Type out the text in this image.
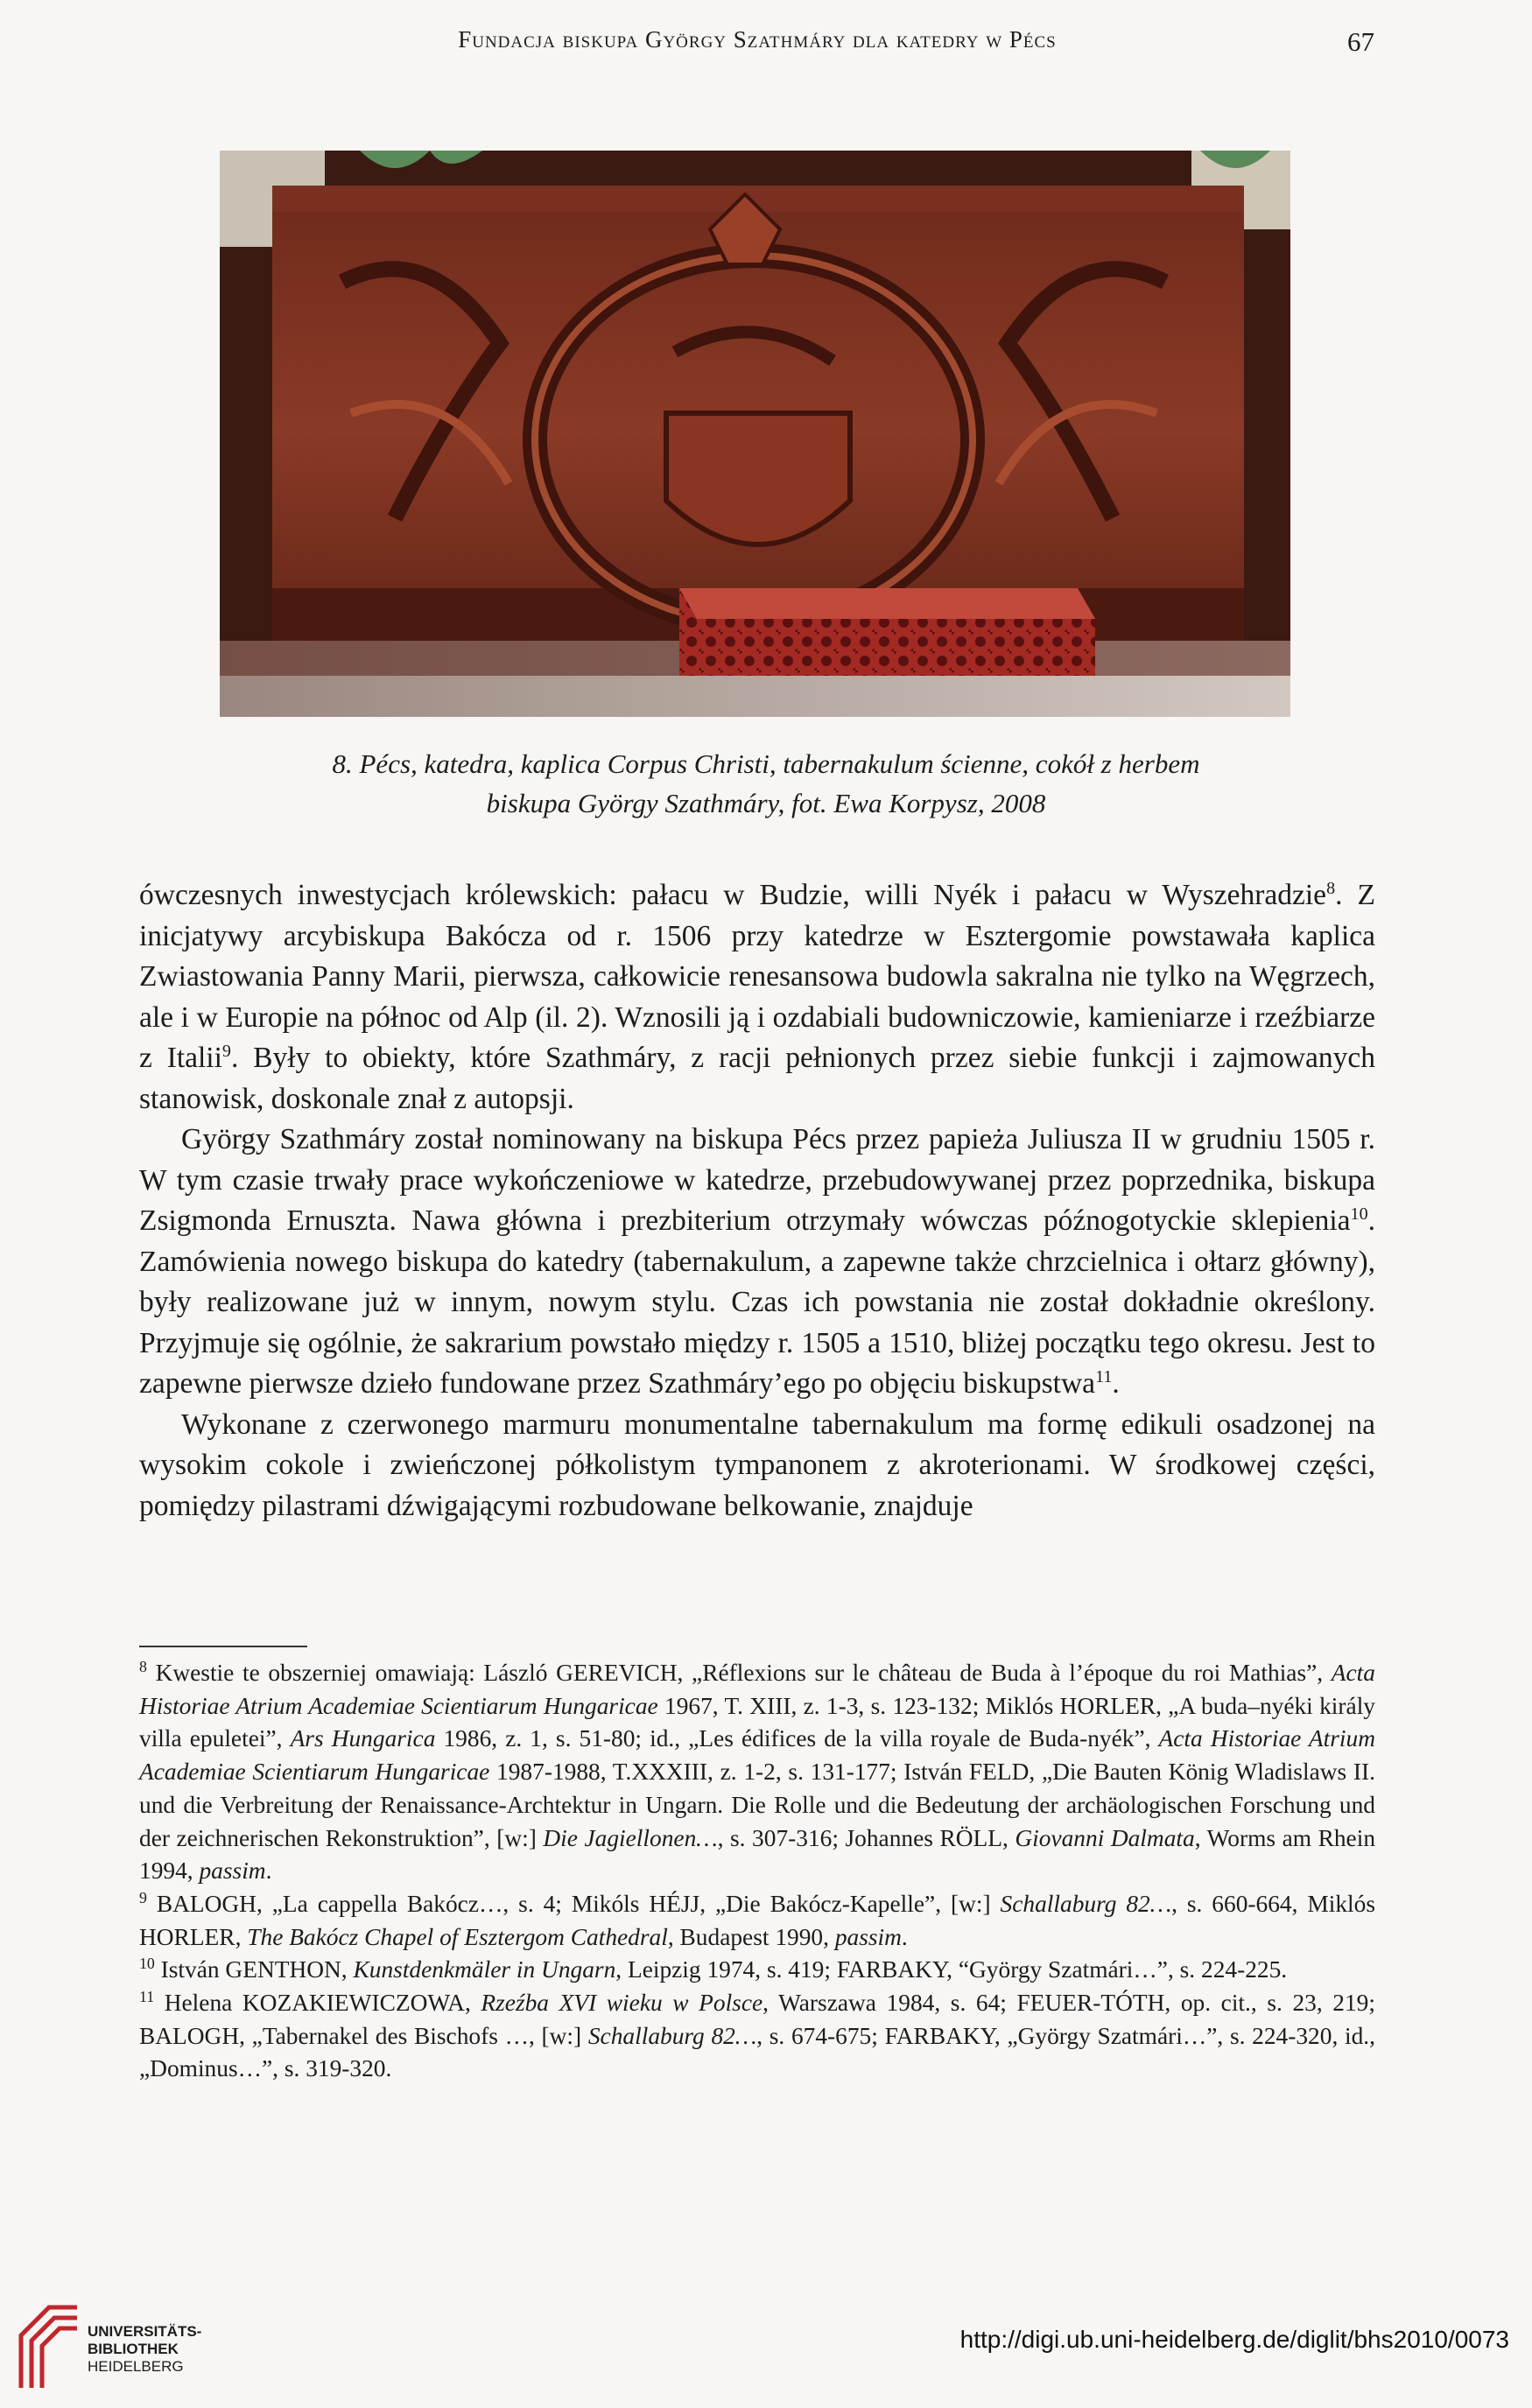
Fundacja biskupa György Szathmáry dla katedry w Pécs	67
8. Pécs, katedra, kaplica Corpus Christi, tabernakulum ścienne, cokół z herbem
biskupa György Szathmáry, fot. Ewa Korpysz, 2008

ówczesnych inwestycjach królewskich: pałacu w Budzie, willi Nyék i pałacu w Wyszehradzie$^8$. Z inicjatywy arcybiskupa Bakócza od r. 1506 przy katedrze w Esztergomie powstawała kaplica Zwiastowania Panny Marii, pierwsza, całkowicie renesansowa budowla sakralna nie tylko na Węgrzech, ale i w Europie na północ od Alp (il. 2). Wznosili ją i ozdabiali budowniczowie, kamieniarze i rzeźbiarze z Italii$^9$. Były to obiekty, które Szathmáry, z racji pełnionych przez siebie funkcji i zajmowanych stanowisk, doskonale znał z autopsji.

György Szathmáry został nominowany na biskupa Pécs przez papieża Juliusza II w grudniu 1505 r. W tym czasie trwały prace wykończeniowe w katedrze, przebudowywanej przez poprzednika, biskupa Zsigmonda Ernuszta. Nawa główna i prezbiterium otrzymały wówczas późnogotyckie sklepienia$^{10}$. Zamówienia nowego biskupa do katedry (tabernakulum, a zapewne także chrzcielnica i ołtarz główny), były realizowane już w innym, nowym stylu. Czas ich powstania nie został dokładnie określony. Przyjmuje się ogólnie, że sakrarium powstało między r. 1505 a 1510, bliżej początku tego okresu. Jest to zapewne pierwsze dzieło fundowane przez Szathmáry’ego po objęciu biskupstwa$^{11}$.

Wykonane z czerwonego marmuru monumentalne tabernakulum ma formę edikuli osadzonej na wysokim cokole i zwieńczonej półkolistym tympanonem z akroterionami. W środkowej części, pomiędzy pilastrami dźwigającymi rozbudowane belkowanie, znajduje

$^8$ Kwestie te obszerniej omawiają: László GEREVICH, „Réflexions sur le château de Buda à l’époque du roi Mathias”, Acta Historiae Atrium Academiae Scientiarum Hungaricae 1967, T. XIII, z. 1-3, s. 123-132; Miklós HORLER, „A buda–nyéki király villa epuletei”, Ars Hungarica 1986, z. 1, s. 51-80; id., „Les édifices de la villa royale de Buda-nyék”, Acta Historiae Atrium Academiae Scientiarum Hungaricae 1987-1988, T.XXXIII, z. 1-2, s. 131-177; István FELD, „Die Bauten König Wladislaws II. und die Verbreitung der Renaissance-Archtektur in Ungarn. Die Rolle und die Bedeutung der archäologischen Forschung und der zeichnerischen Rekonstruktion”, [w:] Die Jagiellonen…, s. 307-316; Johannes RÖLL, Giovanni Dalmata, Worms am Rhein 1994, passim.

$^9$ BALOGH, „La cappella Bakócz…, s. 4; Mikóls HÉJJ, „Die Bakócz-Kapelle”, [w:] Schallaburg 82…, s. 660-664, Miklós HORLER, The Bakócz Chapel of Esztergom Cathedral, Budapest 1990, passim.

$^{10}$ István GENTHON, Kunstdenkmäler in Ungarn, Leipzig 1974, s. 419; FARBAKY, “György Szatmári…”, s. 224-225.

$^{11}$ Helena KOZAKIEWICZOWA, Rzeźba XVI wieku w Polsce, Warszawa 1984, s. 64; FEUER-TÓTH, op. cit., s. 23, 219; BALOGH, „Tabernakel des Bischofs …, [w:] Schallaburg 82…, s. 674-675; FARBAKY, „György Szatmári…”, s. 224-320, id., „Dominus…”, s. 319-320.

UNIVERSITÄTS-
BIBLIOTHEK
HEIDELBERG
http://digi.ub.uni-heidelberg.de/diglit/bhs2010/0073
